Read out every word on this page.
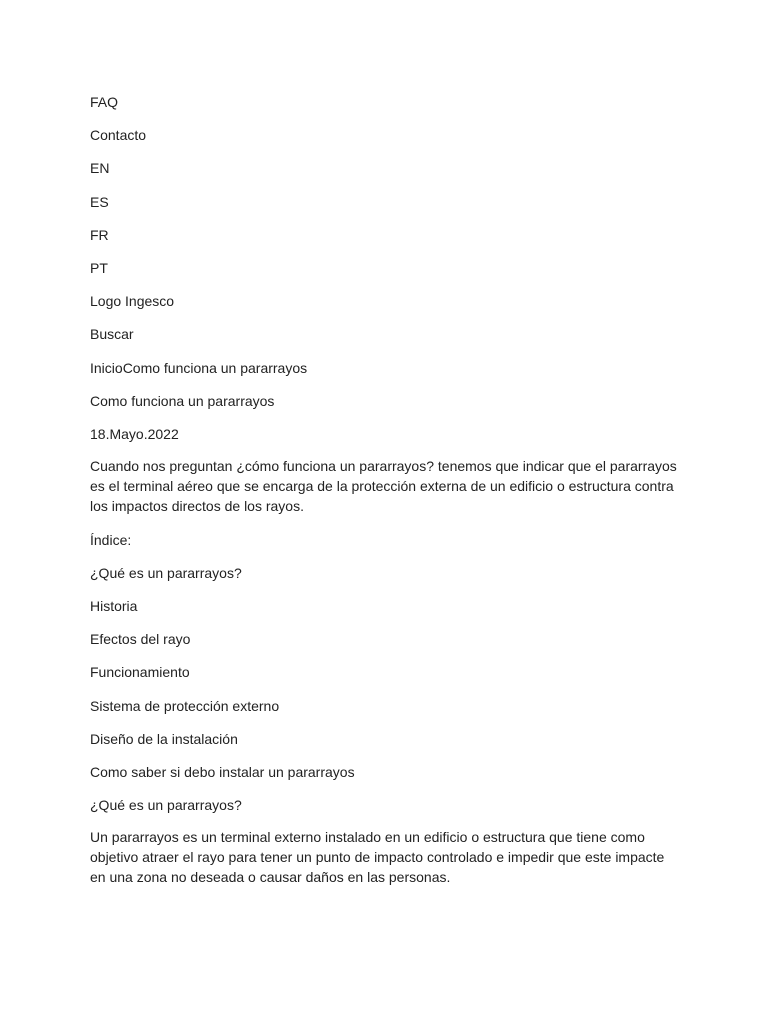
FAQ
Contacto
EN
ES
FR
PT
Logo Ingesco
Buscar
InicioComo funciona un pararrayos
Como funciona un pararrayos
18.Mayo.2022
Cuando nos preguntan ¿cómo funciona un pararrayos? tenemos que indicar que el pararrayos es el terminal aéreo que se encarga de la protección externa de un edificio o estructura contra los impactos directos de los rayos.
Índice:
¿Qué es un pararrayos?
Historia
Efectos del rayo
Funcionamiento
Sistema de protección externo
Diseño de la instalación
Como saber si debo instalar un pararrayos
¿Qué es un pararrayos?
Un pararrayos es un terminal externo instalado en un edificio o estructura que tiene como objetivo atraer el rayo para tener un punto de impacto controlado e impedir que este impacte en una zona no deseada o causar daños en las personas.
